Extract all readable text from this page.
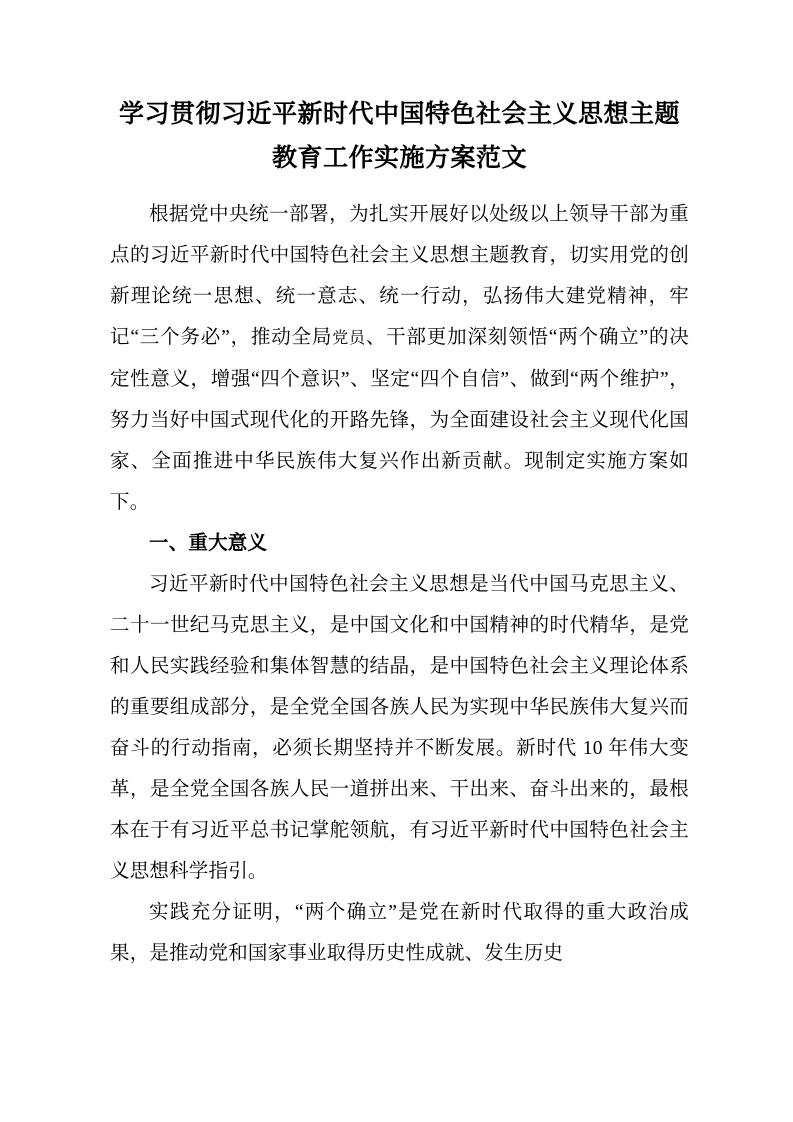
学习贯彻习近平新时代中国特色社会主义思想主题教育工作实施方案范文

根据党中央统一部署，为扎实开展好以处级以上领导干部为重点的习近平新时代中国特色社会主义思想主题教育，切实用党的创新理论统一思想、统一意志、统一行动，弘扬伟大建党精神，牢记“三个务必”，推动全局党员、干部更加深刻领悟“两个确立”的决定性意义，增强“四个意识”、坚定“四个自信”、做到“两个维护”，努力当好中国式现代化的开路先锋，为全面建设社会主义现代化国家、全面推进中华民族伟大复兴作出新贡献。现制定实施方案如下。

一、重大意义

习近平新时代中国特色社会主义思想是当代中国马克思主义、二十一世纪马克思主义，是中国文化和中国精神的时代精华，是党和人民实践经验和集体智慧的结晶，是中国特色社会主义理论体系的重要组成部分，是全党全国各族人民为实现中华民族伟大复兴而奋斗的行动指南，必须长期坚持并不断发展。新时代 10 年伟大变革，是全党全国各族人民一道拼出来、干出来、奋斗出来的，最根本在于有习近平总书记掌舵领航，有习近平新时代中国特色社会主义思想科学指引。

实践充分证明，“两个确立”是党在新时代取得的重大政治成果，是推动党和国家事业取得历史性成就、发生历史
